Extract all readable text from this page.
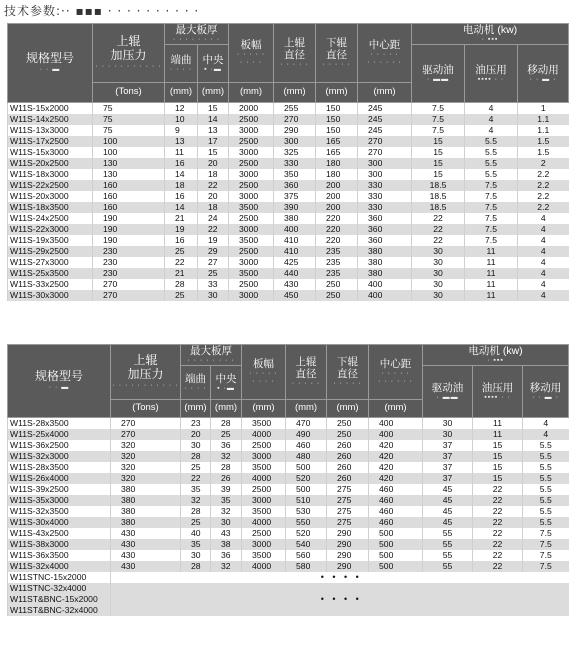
技术参数:·· ▪▪▪ · · · · · · · · · ·
规格型号
· · ▬	上辊
加压力
· · · · · · · · · · ·	最大板厚
· · · · · · · ·		板幅
· · · · ·
· · · ·	上辊
直径
· · · · ·	下辊
直径
· · · · ·	中心距
· · · · ·
· · · · · ·	电动机 (kw)
· ▪▪▪		

		端曲
· · · ·	中央
▪ ·▬					驱动油
· ▬▬	油压用
▪▪▪▪ · ·	移动用
· · ▬ ·

	(Tons)	(mm)	(mm)	(mm)	(mm)	(mm)	(mm)			
W11S-15x2000	75	12	15	2000	255	150	245	7.5	4	1
W11S-14x2500	75	10	14	2500	270	150	245	7.5	4	1.1
W11S-13x3000	75	9	13	3000	290	150	245	7.5	4	1.1
W11S-17x2500	100	13	17	2500	300	165	270	15	5.5	1.5
W11S-15x3000	100	11	15	3000	325	165	270	15	5.5	1.5
W11S-20x2500	130	16	20	2500	330	180	300	15	5.5	2
W11S-18x3000	130	14	18	3000	350	180	300	15	5.5	2.2
W11S-22x2500	160	18	22	2500	360	200	330	18.5	7.5	2.2
W11S-20x3000	160	16	20	3000	375	200	330	18.5	7.5	2.2
W11S-18x3500	160	14	18	3500	390	200	330	18.5	7.5	2.2
W11S-24x2500	190	21	24	2500	380	220	360	22	7.5	4
W11S-22x3000	190	19	22	3000	400	220	360	22	7.5	4
W11S-19x3500	190	16	19	3500	410	220	360	22	7.5	4
W11S-29x2500	230	25	29	2500	410	235	380	30	11	4
W11S-27x3000	230	22	27	3000	425	235	380	30	11	4
W11S-25x3500	230	21	25	3500	440	235	380	30	11	4
W11S-33x2500	270	28	33	2500	430	250	400	30	11	4
W11S-30x3000	270	25	30	3000	450	250	400	30	11	4
规格型号
· · ▬	上辊
加压力
· · · · · · · · · · ·	最大板厚
· · · · · · · ·		板幅
· · · · ·
· · · ·	上辊
直径
· · · · ·	下辊
直径
· · · · ·	中心距
· · · · ·
· · · · · ·	电动机 (kw)
· ▪▪▪		

		端曲
· · · ·	中央
▪ ·▬					驱动油
· ▬▬	油压用
▪▪▪▪ · ·	移动用
· · ▬ ·

	(Tons)	(mm)	(mm)	(mm)	(mm)	(mm)	(mm)			
W11S-28x3500	270	23	28	3500	470	250	400	30	11	4
W11S-25x4000	270	20	25	4000	490	250	400	30	11	4
W11S-36x2500	320	30	36	2500	460	260	420	37	15	5.5
W11S-32x3000	320	28	32	3000	480	260	420	37	15	5.5
W11S-28x3500	320	25	28	3500	500	260	420	37	15	5.5
W11S-26x4000	320	22	26	4000	520	260	420	37	15	5.5
W11S-39x2500	380	35	39	2500	500	275	460	45	22	5.5
W11S-35x3000	380	32	35	3000	510	275	460	45	22	5.5
W11S-32x3500	380	28	32	3500	530	275	460	45	22	5.5
W11S-30x4000	380	25	30	4000	550	275	460	45	22	5.5
W11S-43x2500	430	40	43	2500	520	290	500	55	22	7.5
W11S-38x3000	430	35	38	3000	540	290	500	55	22	7.5
W11S-36x3500	430	30	36	3500	560	290	500	55	22	7.5
W11S-32x4000	430	28	32	4000	580	290	500	55	22	7.5

W11STNC-15x2000	• • • •									

W11STNC-32x4000
W11ST&BNC-15x2000
W11ST&BNC-32x4000	• • • •									
